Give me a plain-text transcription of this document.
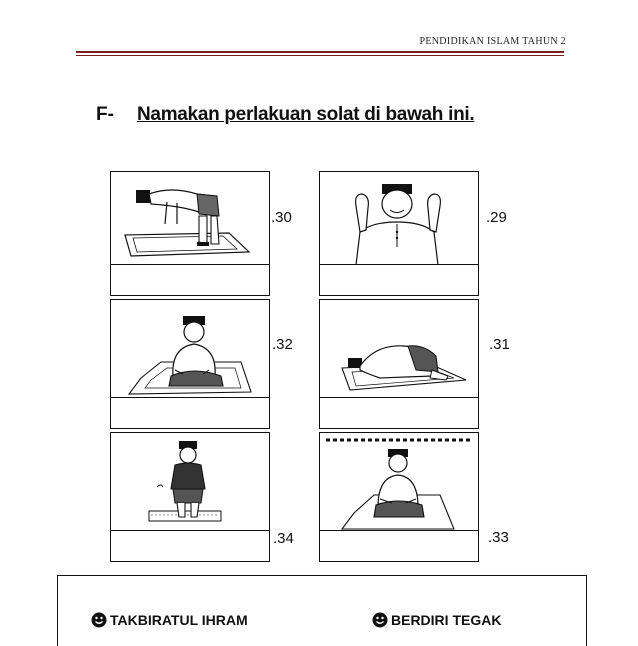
PENDIDIKAN ISLAM TAHUN 2
F- Namakan perlakuan solat di bawah ini.
.30	.29
.32	.31
.34	.33
TAKBIRATUL IHRAM	BERDIRI TEGAK
